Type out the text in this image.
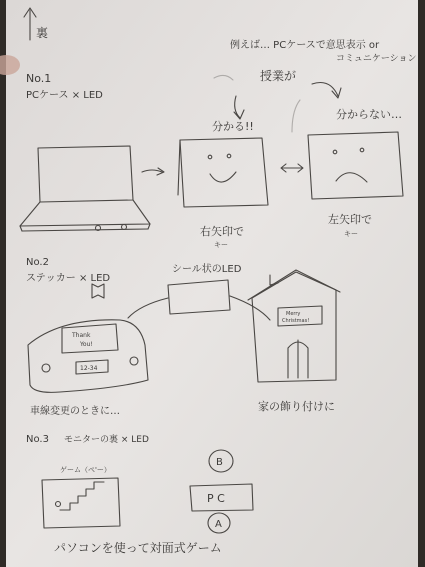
裏
例えば… PCケースで意思表示 or
コミュニケーション
No.1
PCケース × LED
授業が
分かる!!
分からない…
右矢印で
キー
左矢印で
キー
No.2
ステッカー × LED
シール状のLED
Thank
You!
12-34
車線変更のときに…
Merry
Christmas!
家の飾り付けに
No.3 モニターの裏 × LED
ゲーム（ぺ'ー）
B
P C
A
パソコンを使って対面式ゲーム
